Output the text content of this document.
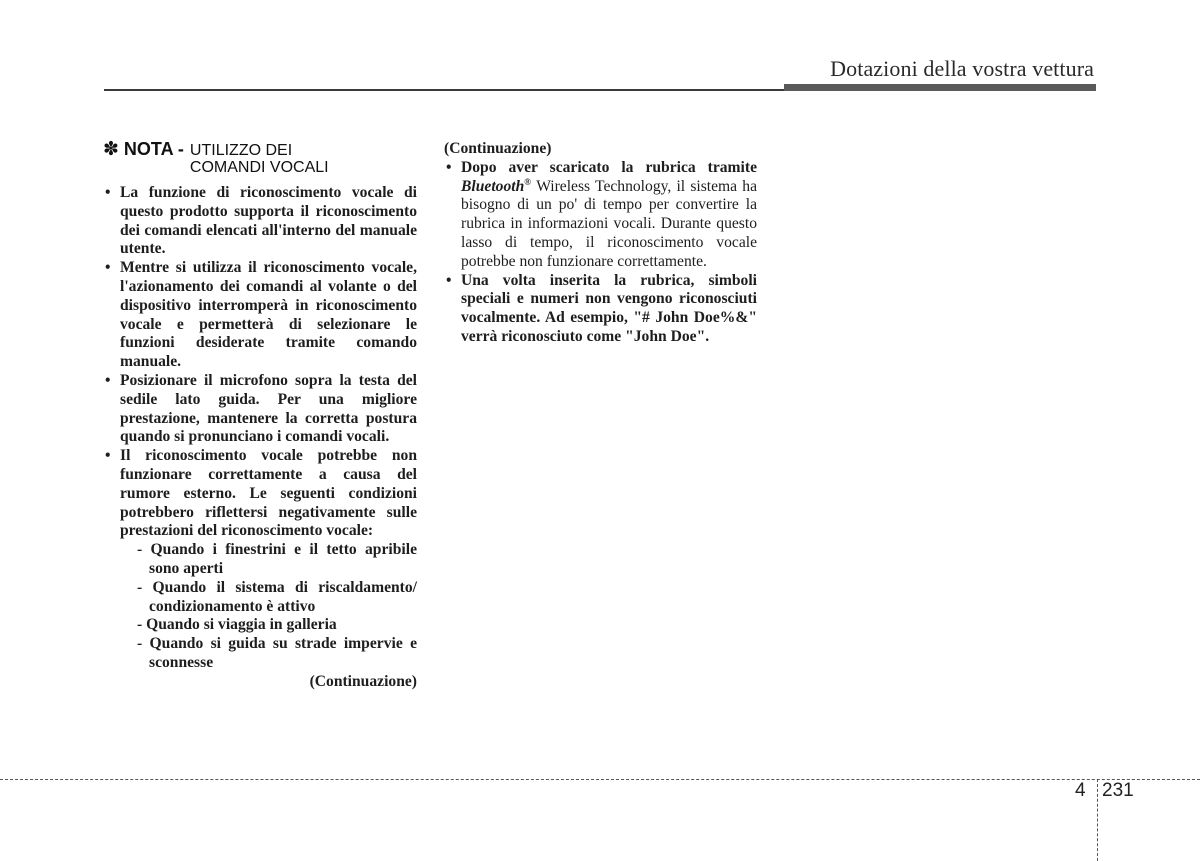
Dotazioni della vostra vettura
✽ NOTA - UTILIZZO DEI
COMANDI VOCALI
• La funzione di riconoscimento vocale di questo prodotto supporta il riconoscimento dei comandi elencati all'interno del manuale utente.
• Mentre si utilizza il riconoscimento vocale, l'azionamento dei comandi al volante o del dispositivo interromperà in riconoscimento vocale e permetterà di selezionare le funzioni desiderate tramite comando manuale.
• Posizionare il microfono sopra la testa del sedile lato guida. Per una migliore prestazione, mantenere la corretta postura quando si pronunciano i comandi vocali.
• Il riconoscimento vocale potrebbe non funzionare correttamente a causa del rumore esterno. Le seguenti condizioni potrebbero riflettersi negativamente sulle prestazioni del riconoscimento vocale:
- Quando i finestrini e il tetto apribile sono aperti
- Quando il sistema di riscaldamento/ condizionamento è attivo
- Quando si viaggia in galleria
- Quando si guida su strade impervie e sconnesse
(Continuazione)
(Continuazione)
• Dopo aver scaricato la rubrica tramite Bluetooth® Wireless Technology, il sistema ha bisogno di un po' di tempo per convertire la rubrica in informazioni vocali. Durante questo lasso di tempo, il riconoscimento vocale potrebbe non funzionare correttamente.
• Una volta inserita la rubrica, simboli speciali e numeri non vengono riconosciuti vocalmente. Ad esempio, "# John Doe%&" verrà riconosciuto come "John Doe".
4 231
